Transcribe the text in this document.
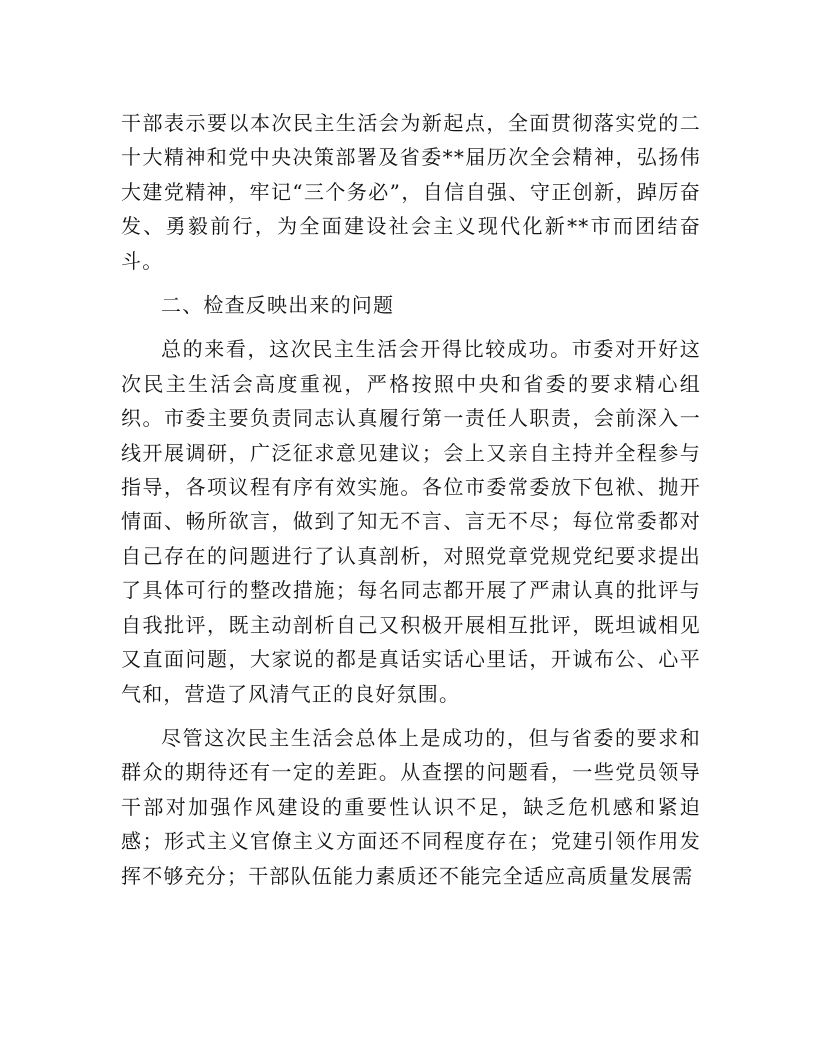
干部表示要以本次民主生活会为新起点，全面贯彻落实党的二十大精神和党中央决策部署及省委**届历次全会精神，弘扬伟大建党精神，牢记“三个务必”，自信自强、守正创新，踔厉奋发、勇毅前行，为全面建设社会主义现代化新**市而团结奋斗。

二、检查反映出来的问题

总的来看，这次民主生活会开得比较成功。市委对开好这次民主生活会高度重视，严格按照中央和省委的要求精心组织。市委主要负责同志认真履行第一责任人职责，会前深入一线开展调研，广泛征求意见建议；会上又亲自主持并全程参与指导，各项议程有序有效实施。各位市委常委放下包袱、抛开情面、畅所欲言，做到了知无不言、言无不尽；每位常委都对自己存在的问题进行了认真剖析，对照党章党规党纪要求提出了具体可行的整改措施；每名同志都开展了严肃认真的批评与自我批评，既主动剖析自己又积极开展相互批评，既坦诚相见又直面问题，大家说的都是真话实话心里话，开诚布公、心平气和，营造了风清气正的良好氛围。

尽管这次民主生活会总体上是成功的，但与省委的要求和群众的期待还有一定的差距。从查摆的问题看，一些党员领导干部对加强作风建设的重要性认识不足，缺乏危机感和紧迫感；形式主义官僚主义方面还不同程度存在；党建引领作用发挥不够充分；干部队伍能力素质还不能完全适应高质量发展需
